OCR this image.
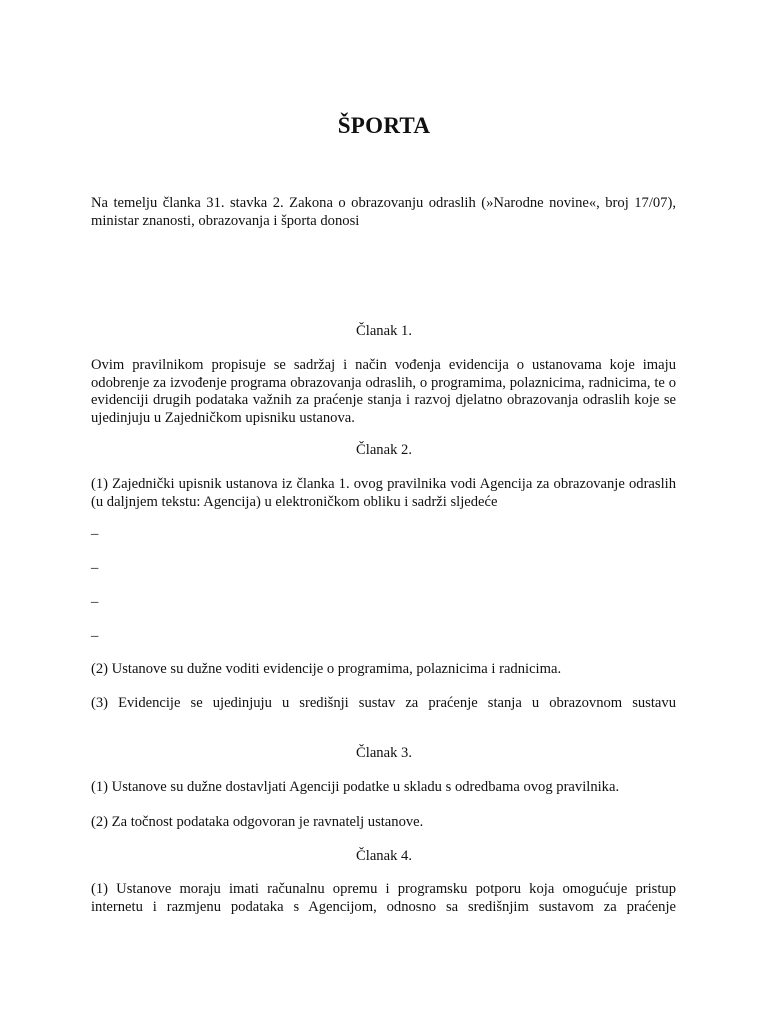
ŠPORTA
Na temelju članka 31. stavka 2. Zakona o obrazovanju odraslih (»Narodne novine«, broj 17/07), ministar znanosti, obrazovanja i športa donosi
Članak 1.
Ovim pravilnikom propisuje se sadržaj i način vođenja evidencija o ustanovama koje imaju odobrenje za izvođenje programa obrazovanja odraslih, o programima, polaznicima, radnicima, te o evidenciji drugih podataka važnih za praćenje stanja i razvoj djelatno obrazovanja odraslih koje se ujedinjuju u Zajedničkom upisniku ustanova.
Članak 2.
(1) Zajednički upisnik ustanova iz članka 1. ovog pravilnika vodi Agencija za obrazovanje odraslih (u daljnjem tekstu: Agencija) u elektroničkom obliku i sadrži sljedeće
–
–
–
–
(2) Ustanove su dužne voditi evidencije o programima, polaznicima i radnicima.
(3) Evidencije se ujedinjuju u središnji sustav za praćenje stanja u obrazovnom sustavu
Članak 3.
(1) Ustanove su dužne dostavljati Agenciji podatke u skladu s odredbama ovog pravilnika.
(2) Za točnost podataka odgovoran je ravnatelj ustanove.
Članak 4.
(1) Ustanove moraju imati računalnu opremu i programsku potporu koja omogućuje pristup internetu i razmjenu podataka s Agencijom, odnosno sa središnjim sustavom za praćenje
